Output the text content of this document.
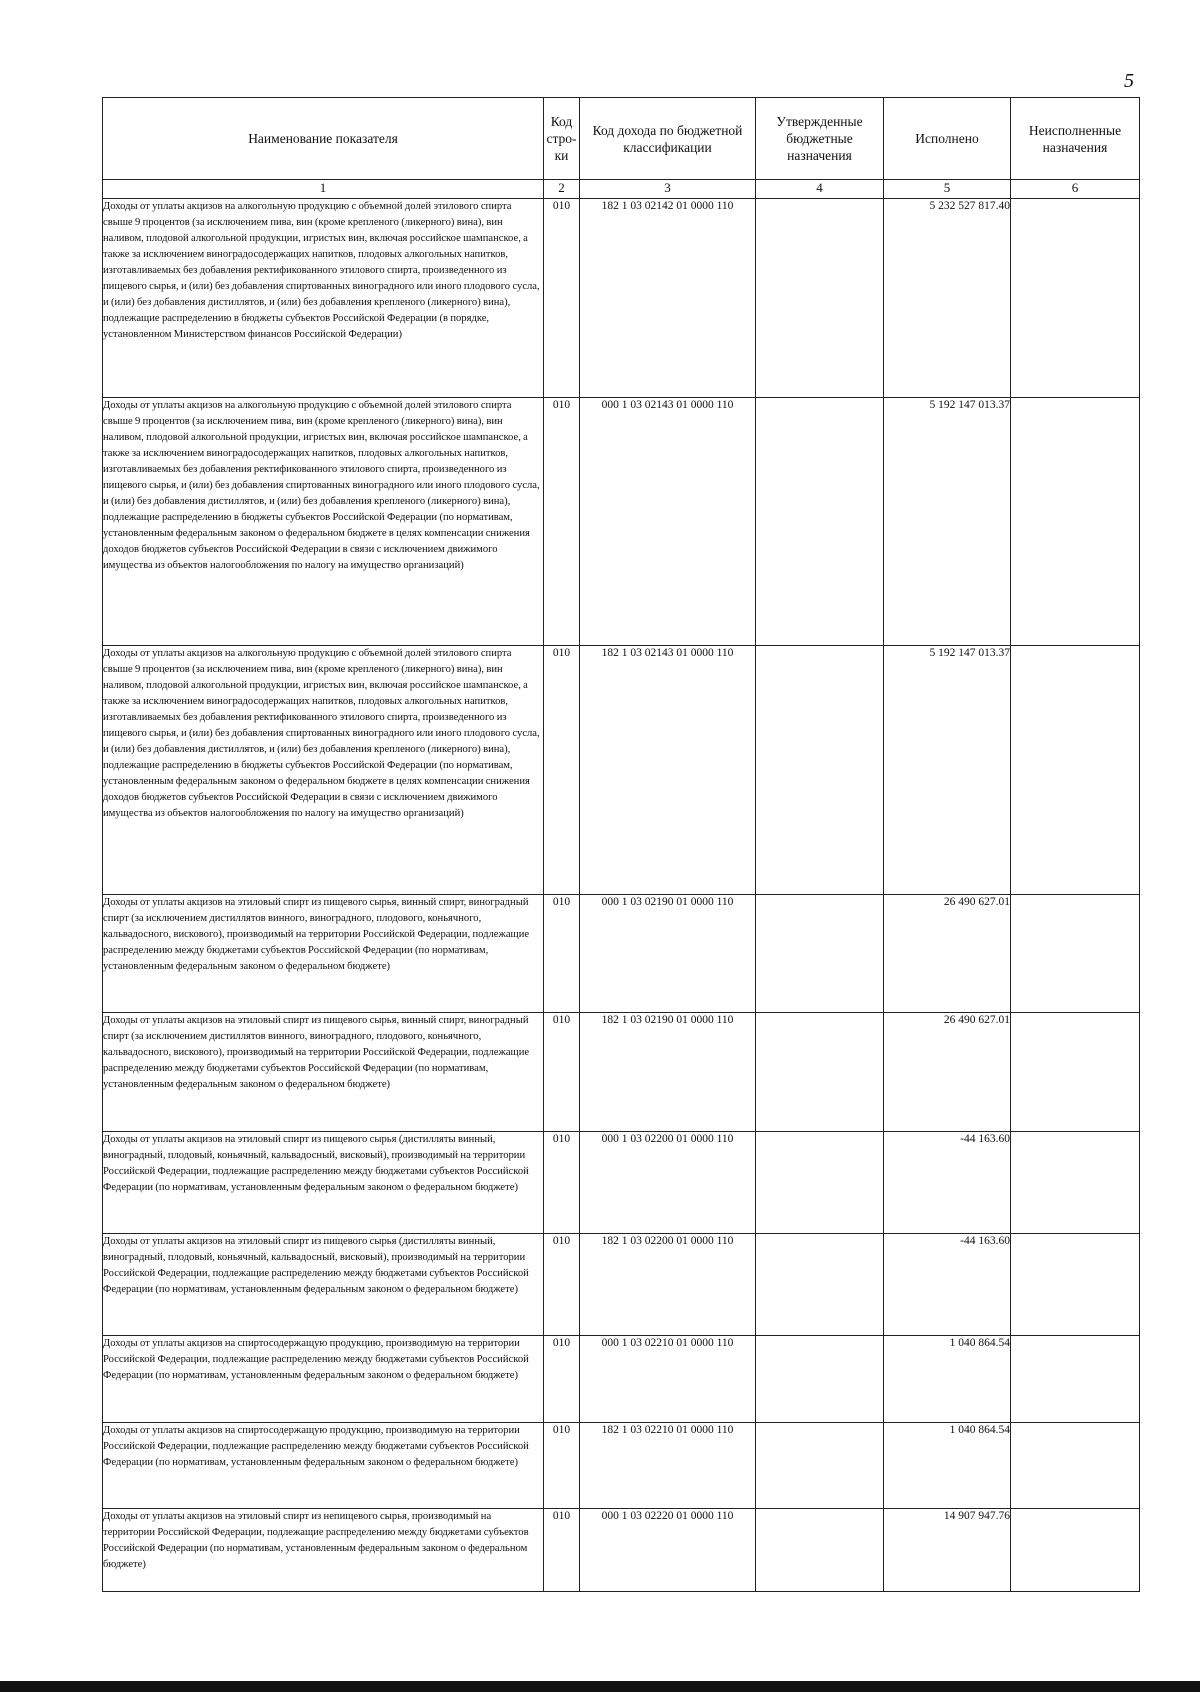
5
Наименование показателя	Код стро-ки	Код дохода по бюджетной классификации	Утвержденные бюджетные назначения	Исполнено	Неисполненные назначения
1	2	3	4	5	6
Доходы от уплаты акцизов на алкогольную продукцию с объемной долей этилового спирта свыше 9 процентов (за исключением пива, вин (кроме крепленого (ликерного) вина), вин наливом, плодовой алкогольной продукции, игристых вин, включая российское шампанское, а также за исключением виноградосодержащих напитков, плодовых алкогольных напитков, изготавливаемых без добавления ректификованного этилового спирта, произведенного из пищевого сырья, и (или) без добавления спиртованных виноградного или иного плодового сусла, и (или) без добавления дистиллятов, и (или) без добавления крепленого (ликерного) вина), подлежащие распределению в бюджеты субъектов Российской Федерации (в порядке, установленном Министерством финансов Российской Федерации)	010	182 1 03 02142 01 0000 110		5 232 527 817.40	
Доходы от уплаты акцизов на алкогольную продукцию с объемной долей этилового спирта свыше 9 процентов (за исключением пива, вин (кроме крепленого (ликерного) вина), вин наливом, плодовой алкогольной продукции, игристых вин, включая российское шампанское, а также за исключением виноградосодержащих напитков, плодовых алкогольных напитков, изготавливаемых без добавления ректификованного этилового спирта, произведенного из пищевого сырья, и (или) без добавления спиртованных виноградного или иного плодового сусла, и (или) без добавления дистиллятов, и (или) без добавления крепленого (ликерного) вина), подлежащие распределению в бюджеты субъектов Российской Федерации (по нормативам, установленным федеральным законом о федеральном бюджете в целях компенсации снижения доходов бюджетов субъектов Российской Федерации в связи с исключением движимого имущества из объектов налогообложения по налогу на имущество организаций)	010	000 1 03 02143 01 0000 110		5 192 147 013.37	
Доходы от уплаты акцизов на алкогольную продукцию с объемной долей этилового спирта свыше 9 процентов (за исключением пива, вин (кроме крепленого (ликерного) вина), вин наливом, плодовой алкогольной продукции, игристых вин, включая российское шампанское, а также за исключением виноградосодержащих напитков, плодовых алкогольных напитков, изготавливаемых без добавления ректификованного этилового спирта, произведенного из пищевого сырья, и (или) без добавления спиртованных виноградного или иного плодового сусла, и (или) без добавления дистиллятов, и (или) без добавления крепленого (ликерного) вина), подлежащие распределению в бюджеты субъектов Российской Федерации (по нормативам, установленным федеральным законом о федеральном бюджете в целях компенсации снижения доходов бюджетов субъектов Российской Федерации в связи с исключением движимого имущества из объектов налогообложения по налогу на имущество организаций)	010	182 1 03 02143 01 0000 110		5 192 147 013.37	
Доходы от уплаты акцизов на этиловый спирт из пищевого сырья, винный спирт, виноградный спирт (за исключением дистиллятов винного, виноградного, плодового, коньячного, кальвадосного, вискового), производимый на территории Российской Федерации, подлежащие распределению между бюджетами субъектов Российской Федерации (по нормативам, установленным федеральным законом о федеральном бюджете)	010	000 1 03 02190 01 0000 110		26 490 627.01	
Доходы от уплаты акцизов на этиловый спирт из пищевого сырья, винный спирт, виноградный спирт (за исключением дистиллятов винного, виноградного, плодового, коньячного, кальвадосного, вискового), производимый на территории Российской Федерации, подлежащие распределению между бюджетами субъектов Российской Федерации (по нормативам, установленным федеральным законом о федеральном бюджете)	010	182 1 03 02190 01 0000 110		26 490 627.01	
Доходы от уплаты акцизов на этиловый спирт из пищевого сырья (дистилляты винный, виноградный, плодовый, коньячный, кальвадосный, висковый), производимый на территории Российской Федерации, подлежащие распределению между бюджетами субъектов Российской Федерации (по нормативам, установленным федеральным законом о федеральном бюджете)	010	000 1 03 02200 01 0000 110		-44 163.60	
Доходы от уплаты акцизов на этиловый спирт из пищевого сырья (дистилляты винный, виноградный, плодовый, коньячный, кальвадосный, висковый), производимый на территории Российской Федерации, подлежащие распределению между бюджетами субъектов Российской Федерации (по нормативам, установленным федеральным законом о федеральном бюджете)	010	182 1 03 02200 01 0000 110		-44 163.60	
Доходы от уплаты акцизов на спиртосодержащую продукцию, производимую на территории Российской Федерации, подлежащие распределению между бюджетами субъектов Российской Федерации (по нормативам, установленным федеральным законом о федеральном бюджете)	010	000 1 03 02210 01 0000 110		1 040 864.54	
Доходы от уплаты акцизов на спиртосодержащую продукцию, производимую на территории Российской Федерации, подлежащие распределению между бюджетами субъектов Российской Федерации (по нормативам, установленным федеральным законом о федеральном бюджете)	010	182 1 03 02210 01 0000 110		1 040 864.54	
Доходы от уплаты акцизов на этиловый спирт из непищевого сырья, производимый на территории Российской Федерации, подлежащие распределению между бюджетами субъектов Российской Федерации (по нормативам, установленным федеральным законом о федеральном бюджете)	010	000 1 03 02220 01 0000 110		14 907 947.76	
